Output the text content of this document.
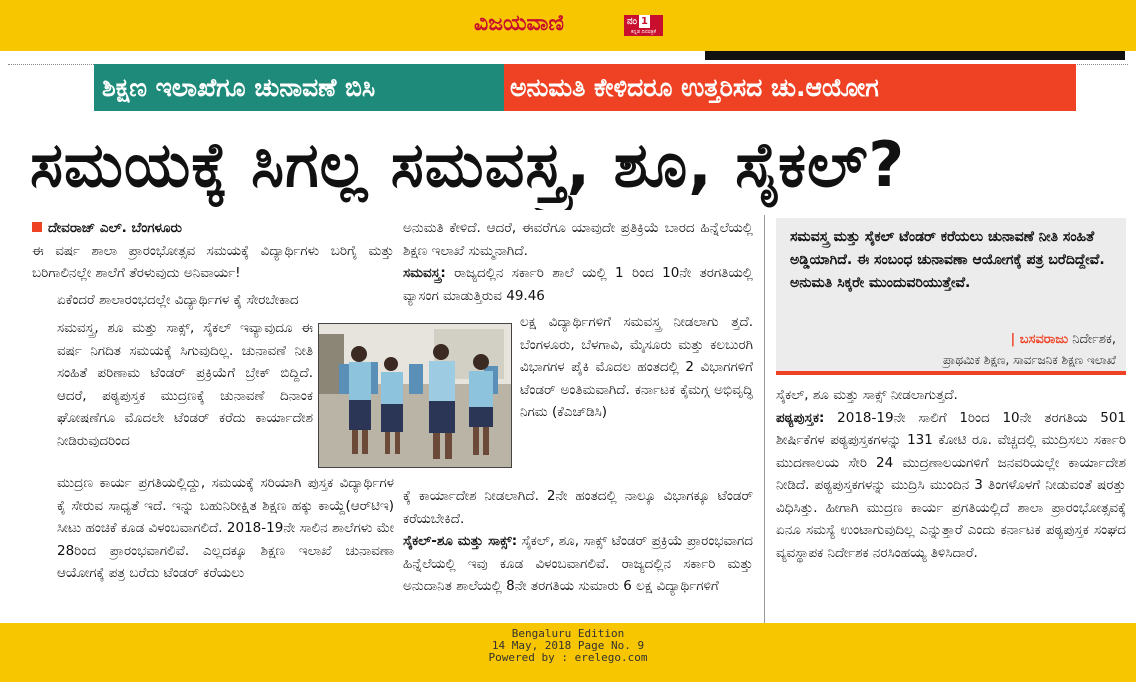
ವಿಜಯವಾಣಿ	ನಂ 1
ಕನ್ನಡ ದಿನಪತ್ರಿಕೆ
ಶಿಕ್ಷಣ ಇಲಾಖೆಗೂ ಚುನಾವಣೆ ಬಿಸಿ	ಅನುಮತಿ ಕೇಳಿದರೂ ಉತ್ತರಿಸದ ಚು.ಆಯೋಗ
ಸಮಯಕ್ಕೆ ಸಿಗಲ್ಲ ಸಮವಸ್ತ್ರ, ಶೂ, ಸೈಕಲ್?

ದೇವರಾಜ್ ಎಲ್. ಬೆಂಗಳೂರು

ಈ ವರ್ಷ ಶಾಲಾ ಪ್ರಾರಂಭೋತ್ಸವ ಸಮಯಕ್ಕೆ ವಿದ್ಯಾರ್ಥಿಗಳು ಬರಿಗೈ ಮತ್ತು ಬರಿಗಾಲಿನಲ್ಲೇ ಶಾಲೆಗೆ ತೆರಳುವುದು ಅನಿವಾರ್ಯ!

ಏಕೆಂದರೆ ಶಾಲಾರಂಭದಲ್ಲೇ ವಿದ್ಯಾರ್ಥಿಗಳ ಕೈ ಸೇರಬೇಕಾದ

ಸಮವಸ್ತ್ರ, ಶೂ ಮತ್ತು ಸಾಕ್ಸ್, ಸೈಕಲ್ ಇವ್ಯಾವುದೂ ಈ ವರ್ಷ ನಿಗದಿತ ಸಮಯಕ್ಕೆ ಸಿಗುವುದಿಲ್ಲ. ಚುನಾವಣೆ ನೀತಿ ಸಂಹಿತೆ ಪರಿಣಾಮ ಟೆಂಡರ್ ಪ್ರಕ್ರಿಯೆಗೆ ಬ್ರೇಕ್ ಬಿದ್ದಿದೆ. ಆದರೆ, ಪಠ್ಯಪುಸ್ತಕ ಮುದ್ರಣಕ್ಕೆ ಚುನಾವಣೆ ದಿನಾಂಕ ಘೋಷಣೆಗೂ ಮೊದಲೇ ಟೆಂಡರ್ ಕರೆದು ಕಾರ್ಯಾದೇಶ ನೀಡಿರುವುದರಿಂದ

ಮುದ್ರಣ ಕಾರ್ಯ ಪ್ರಗತಿಯಲ್ಲಿದ್ದು, ಸಮಯಕ್ಕೆ ಸರಿಯಾಗಿ ಪುಸ್ತಕ ವಿದ್ಯಾರ್ಥಿಗಳ ಕೈ ಸೇರುವ ಸಾಧ್ಯತೆ ಇದೆ. ಇನ್ನು ಬಹುನಿರೀಕ್ಷಿತ ಶಿಕ್ಷಣ ಹಕ್ಕು ಕಾಯ್ದೆ(ಆರ್‌ಟಿಇ) ಸೀಟು ಹಂಚಿಕೆ ಕೂಡ ವಿಳಂಬವಾಗಲಿದೆ. 2018-19ನೇ ಸಾಲಿನ ಶಾಲೆಗಳು ಮೇ 28ರಿಂದ ಪ್ರಾರಂಭವಾಗಲಿವೆ. ಎಲ್ಲದಕ್ಕೂ ಶಿಕ್ಷಣ ಇಲಾಖೆ ಚುನಾವಣಾ ಆಯೋಗಕ್ಕೆ ಪತ್ರ ಬರೆದು ಟೆಂಡರ್ ಕರೆಯಲು

ಅನುಮತಿ ಕೇಳಿದೆ. ಆದರೆ, ಈವರೆಗೂ ಯಾವುದೇ ಪ್ರತಿಕ್ರಿಯೆ ಬಾರದ ಹಿನ್ನೆಲೆಯಲ್ಲಿ ಶಿಕ್ಷಣ ಇಲಾಖೆ ಸುಮ್ಮನಾಗಿದೆ.

ಸಮವಸ್ತ್ರ: ರಾಜ್ಯದಲ್ಲಿನ ಸರ್ಕಾರಿ ಶಾಲೆ ಯಲ್ಲಿ 1 ರಿಂದ 10ನೇ ತರಗತಿಯಲ್ಲಿ ವ್ಯಾಸಂಗ ಮಾಡುತ್ತಿರುವ 49.46

ಲಕ್ಷ ವಿದ್ಯಾರ್ಥಿಗಳಿಗೆ ಸಮವಸ್ತ್ರ ನೀಡಲಾಗು ತ್ತದೆ. ಬೆಂಗಳೂರು, ಬೆಳಗಾವಿ, ಮೈಸೂರು ಮತ್ತು ಕಲಬುರಗಿ ವಿಭಾಗಗಳ ಪೈಕಿ ಮೊದಲ ಹಂತದಲ್ಲಿ 2 ವಿಭಾಗಗಳಿಗೆ ಟೆಂಡರ್ ಅಂತಿಮವಾಗಿದೆ. ಕರ್ನಾಟಕ ಕೈಮಗ್ಗ ಅಭಿವೃದ್ಧಿ ನಿಗಮ (ಕೆಎಚ್‌ಡಿಸಿ)

ಕ್ಕೆ ಕಾರ್ಯಾದೇಶ ನೀಡಲಾಗಿದೆ. 2ನೇ ಹಂತದಲ್ಲಿ ನಾಲ್ಕೂ ವಿಭಾಗಕ್ಕೂ ಟೆಂಡರ್ ಕರೆಯಬೇಕಿದೆ.

ಸೈಕಲ್-ಶೂ ಮತ್ತು ಸಾಕ್ಸ್: ಸೈಕಲ್, ಶೂ, ಸಾಕ್ಸ್ ಟೆಂಡರ್ ಪ್ರಕ್ರಿಯೆ ಪ್ರಾರಂಭವಾಗದ ಹಿನ್ನೆಲೆಯಲ್ಲಿ ಇವು ಕೂಡ ವಿಳಂಬವಾಗಲಿವೆ. ರಾಜ್ಯದಲ್ಲಿನ ಸರ್ಕಾರಿ ಮತ್ತು ಅನುದಾನಿತ ಶಾಲೆಯಲ್ಲಿ 8ನೇ ತರಗತಿಯ ಸುಮಾರು 6 ಲಕ್ಷ ವಿದ್ಯಾರ್ಥಿಗಳಿಗೆ

ಸಮವಸ್ತ್ರ ಮತ್ತು ಸೈಕಲ್ ಟೆಂಡರ್ ಕರೆಯಲು ಚುನಾವಣೆ ನೀತಿ ಸಂಹಿತೆ ಅಡ್ಡಿಯಾಗಿದೆ. ಈ ಸಂಬಂಧ ಚುನಾವಣಾ ಆಯೋಗಕ್ಕೆ ಪತ್ರ ಬರೆದಿದ್ದೇವೆ. ಅನುಮತಿ ಸಿಕ್ಕರೇ ಮುಂದುವರಿಯುತ್ತೇವೆ.
| ಬಸವರಾಜು ನಿರ್ದೇಶಕ,
ಪ್ರಾಥಮಿಕ ಶಿಕ್ಷಣ, ಸಾರ್ವಜನಿಕ ಶಿಕ್ಷಣ ಇಲಾಖೆ

ಸೈಕಲ್, ಶೂ ಮತ್ತು ಸಾಕ್ಸ್ ನೀಡಲಾಗುತ್ತದೆ.

ಪಠ್ಯಪುಸ್ತಕ: 2018-19ನೇ ಸಾಲಿಗೆ 1ರಿಂದ 10ನೇ ತರಗತಿಯ 501 ಶೀರ್ಷಿಕೆಗಳ ಪಠ್ಯಪುಸ್ತಕಗಳನ್ನು 131 ಕೋಟಿ ರೂ. ವೆಚ್ಚದಲ್ಲಿ ಮುದ್ರಿಸಲು ಸರ್ಕಾರಿ ಮುದಣಾಲಯ ಸೇರಿ 24 ಮುದ್ರಣಾಲಯಗಳಿಗೆ ಜನವರಿಯಲ್ಲೇ ಕಾರ್ಯಾದೇಶ ನೀಡಿದೆ. ಪಠ್ಯಪುಸ್ತಕಗಳನ್ನು ಮುದ್ರಿಸಿ ಮುಂದಿನ 3 ತಿಂಗಳೊಳಗೆ ನೀಡುವಂತೆ ಷರತ್ತು ವಿಧಿಸಿತ್ತು. ಹೀಗಾಗಿ ಮುದ್ರಣ ಕಾರ್ಯ ಪ್ರಗತಿಯಲ್ಲಿದೆ ಶಾಲಾ ಪ್ರಾರಂಭೋತ್ಸವಕ್ಕೆ ಏನೂ ಸಮಸ್ಯೆ ಉಂಟಾಗುವುದಿಲ್ಲ ಎನ್ನುತ್ತಾರೆ ಎಂದು ಕರ್ನಾಟಕ ಪಠ್ಯಪುಸ್ತಕ ಸಂಘದ ವ್ಯವಸ್ಥಾಪಕ ನಿರ್ದೇಶಕ ನರಸಿಂಹಯ್ಯ ತಿಳಿಸಿದಾರೆ.

Bengaluru Edition
14 May, 2018 Page No. 9
Powered by : erelego.com
